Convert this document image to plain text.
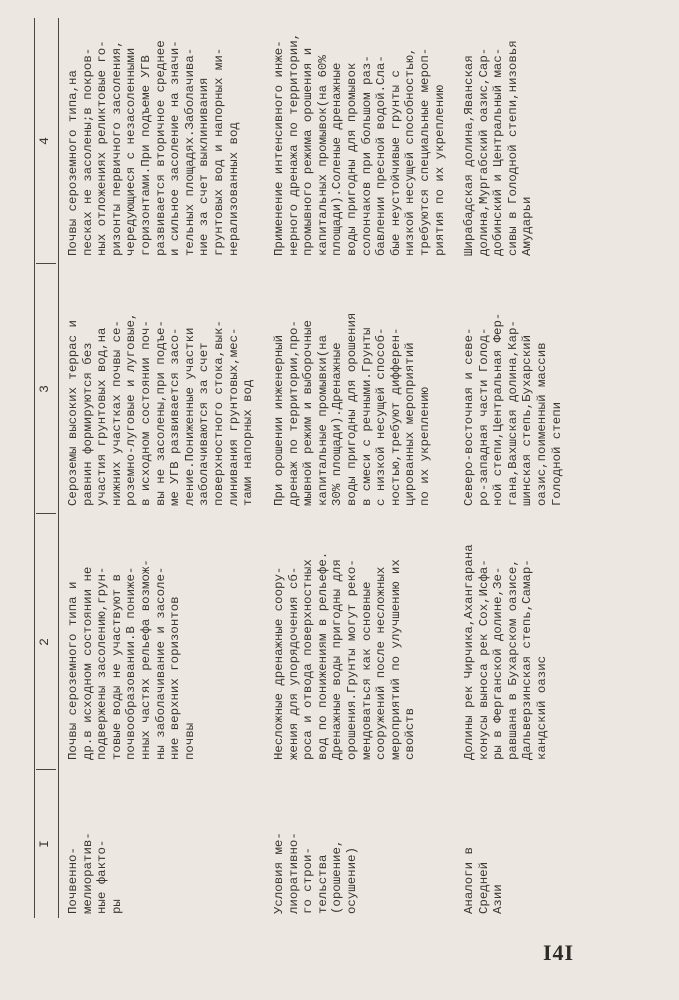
I
2
3
4
Почвенно-
мелиоратив-
ные факто-
ры
Почвы сероземного типа и
др.в исходном состоянии не
подвержены засолению,грун-
товые воды не участвуют в
почвообразовании.В пониже-
нных частях рельефа возмож-
ны заболачивание и засоле-
ние верхних горизонтов
почвы
Сероземы высоких террас и
равнин формируются без
участия грунтовых вод,на
нижних участках почвы се-
роземно-луговые и луговые,
в исходном состоянии поч-
вы не засолены,при подъе-
ме УГВ развивается засо-
ление.Пониженные участки
заболачиваются за счет
поверхностного стока,вык-
линивания грунтовых,мес-
тами напорных вод
Почвы сероземного типа,на
песках не засолены;в покров-
ных отложениях реликтовые го-
ризонты первичного засоления,
чередующиеся с незасоленными
горизонтами.При подъеме УГВ
развивается вторичное среднее
и сильное засоление на значи-
тельных площадях.Заболачива-
ние за счет выклинивания
грунтовых вод и напорных ми-
нерализованных вод
Условия ме-
лиоративно-
го строи-
тельства
(орошение,
осушение)
Несложные дренажные соору-
жения для упорядочения сб-
роса и отвода поверхностных
вод по понижениям в рельефе.
Дренажные воды пригодны для
орошения.Грунты могут реко-
мендоваться как основные
сооружений после несложных
мероприятий по улучшению их
свойств
При орошении инженерный
дренаж по территории,про-
мывной режим и выборочные
капитальные промывки(на
30% площади).Дренажные
воды пригодны для орошения
в смеси с речными.Грунты
с низкой несущей способ-
ностью,требуют дифферен-
цированных мероприятий
по их укреплению
Применение интенсивного инже-
нерного дренажа по территории,
промывного режима орошения и
капитальных промывок(на 60%
площади).Соленые дренажные
воды пригодны для промывок
солончаков при большом раз-
бавлении пресной водой.Сла-
бые неустойчивые грунты с
низкой несущей способностью,
требуются специальные мероп-
риятия по их укреплению
Аналоги в
Средней
Азии
Долины рек Чирчика,Ахангарана
конусы выноса рек Сох,Исфа-
ры в Ферганской долине,Зе-
равшана в Бухарском оазисе,
Дальверзинская степь,Самар-
кандский оазис
Северо-восточная и севе-
ро-западная части Голод-
ной степи,Центральная Фер-
гана,Вахшская долина,Кар-
шинская степь,Бухарский
оазис,поименный массив
Голодной степи
Ширабадская долина,Яванская
долина,Мургабский оазис,Сар-
добинский и Центральный мас-
сивы в Голодной степи,низовья
Амударьи
I4I
